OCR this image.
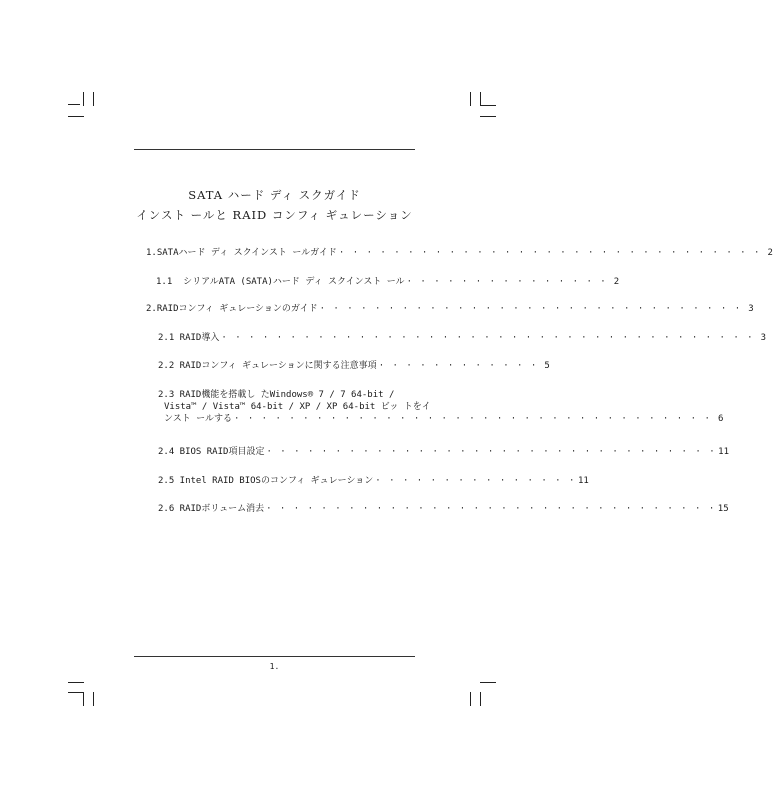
SATA ハード ディ スクガイド
インスト ールと RAID コンフィ ギュレーション
1.SATAハード ディ スクインスト ールガイド · · · · · · · · · · · · · · · · · · · · · · · · · · · · · · · 2
1.1  シリアルATA (SATA)ハード ディ スクインスト ール · · · · · · · · · · · · · · · 2
2.RAIDコンフィ ギュレーションのガイド · · · · · · · · · · · · · · · · · · · · · · · · · · · · · · · 3
2.1 RAID導入 · · · · · · · · · · · · · · · · · · · · · · · · · · · · · · · · · · · · · · · 3
2.2 RAIDコンフィ ギュレーションに関する注意事項 · · · · · · · · · · · · 5
2.3 RAID機能を搭載し たWindows® 7 / 7 64-bit /
Vista™ / Vista™ 64-bit / XP / XP 64-bit ビッ トをイ
ンスト ールする · · · · · · · · · · · · · · · · · · · · · · · · · · · · · · · · · · · 6
2.4 BIOS RAID項目設定 · · · · · · · · · · · · · · · · · · · · · · · · · · · · · · · · · 11
2.5 Intel RAID BIOSのコンフィ ギュレーション · · · · · · · · · · · · · · · 11
2.6 RAIDボリューム消去 · · · · · · · · · · · · · · · · · · · · · · · · · · · · · · · · · 15
1.
